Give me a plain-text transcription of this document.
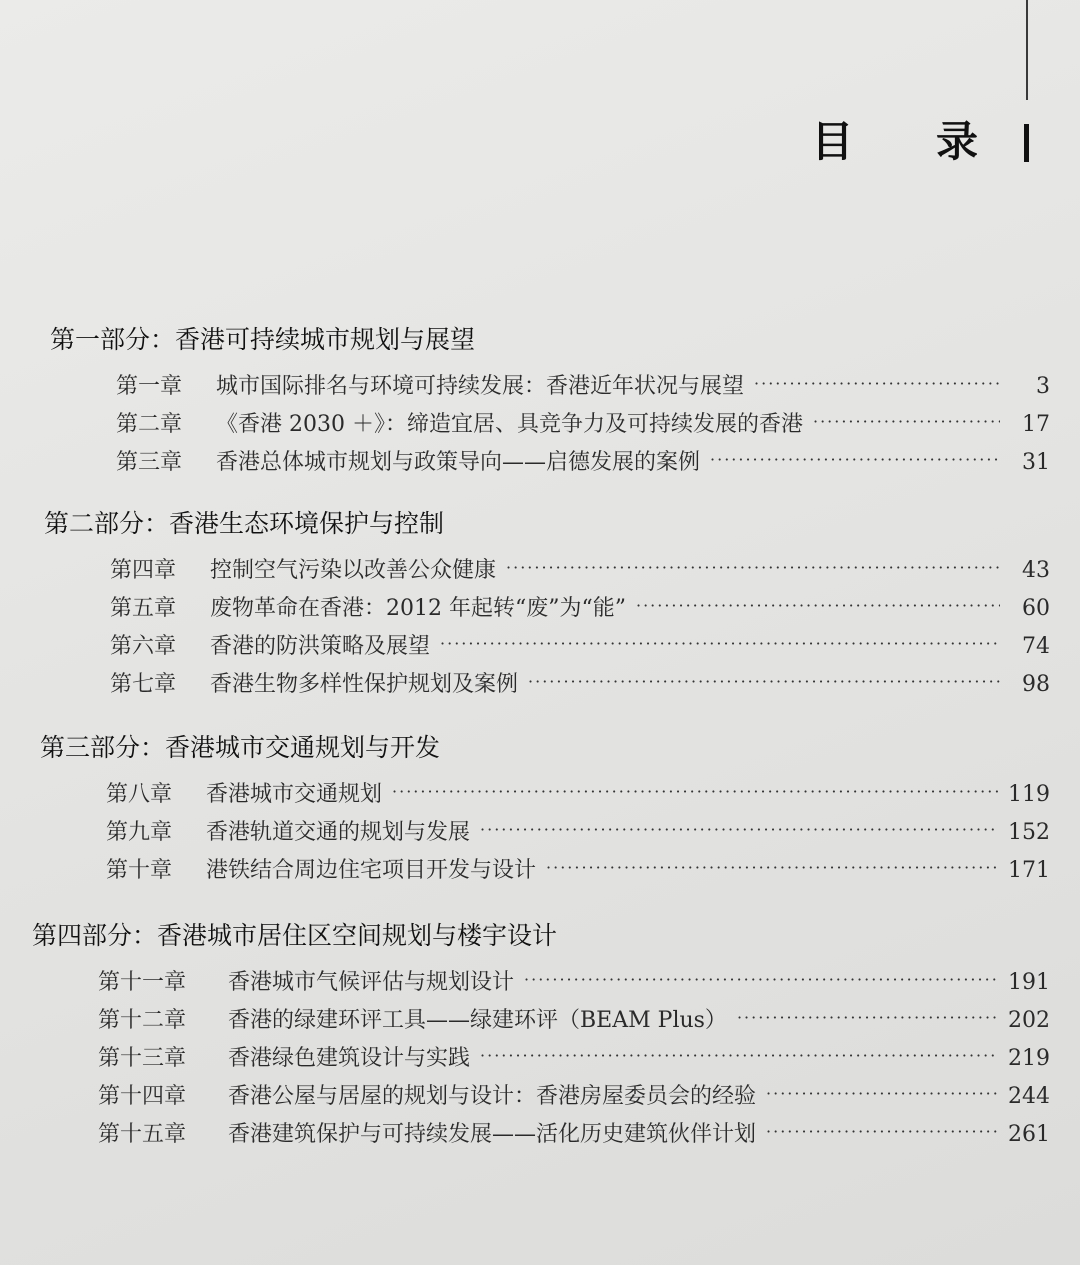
目 录
第一部分：香港可持续城市规划与展望
第一章	城市国际排名与环境可持续发展：香港近年状况与展望 ·····	3
第二章	《香港 2030 ＋》：缔造宜居、具竞争力及可持续发展的香港 ·····	17
第三章	香港总体城市规划与政策导向——启德发展的案例 ·····	31
第二部分：香港生态环境保护与控制
第四章	控制空气污染以改善公众健康 ·····	43
第五章	废物革命在香港：2012 年起转“废”为“能” ·····	60
第六章	香港的防洪策略及展望 ·····	74
第七章	香港生物多样性保护规划及案例 ·····	98
第三部分：香港城市交通规划与开发
第八章	香港城市交通规划 ·····	119
第九章	香港轨道交通的规划与发展 ·····	152
第十章	港铁结合周边住宅项目开发与设计 ·····	171
第四部分：香港城市居住区空间规划与楼宇设计
第十一章	香港城市气候评估与规划设计 ·····	191
第十二章	香港的绿建环评工具——绿建环评（BEAM Plus） ·····	202
第十三章	香港绿色建筑设计与实践 ·····	219
第十四章	香港公屋与居屋的规划与设计：香港房屋委员会的经验 ·····	244
第十五章	香港建筑保护与可持续发展——活化历史建筑伙伴计划 ·····	261
